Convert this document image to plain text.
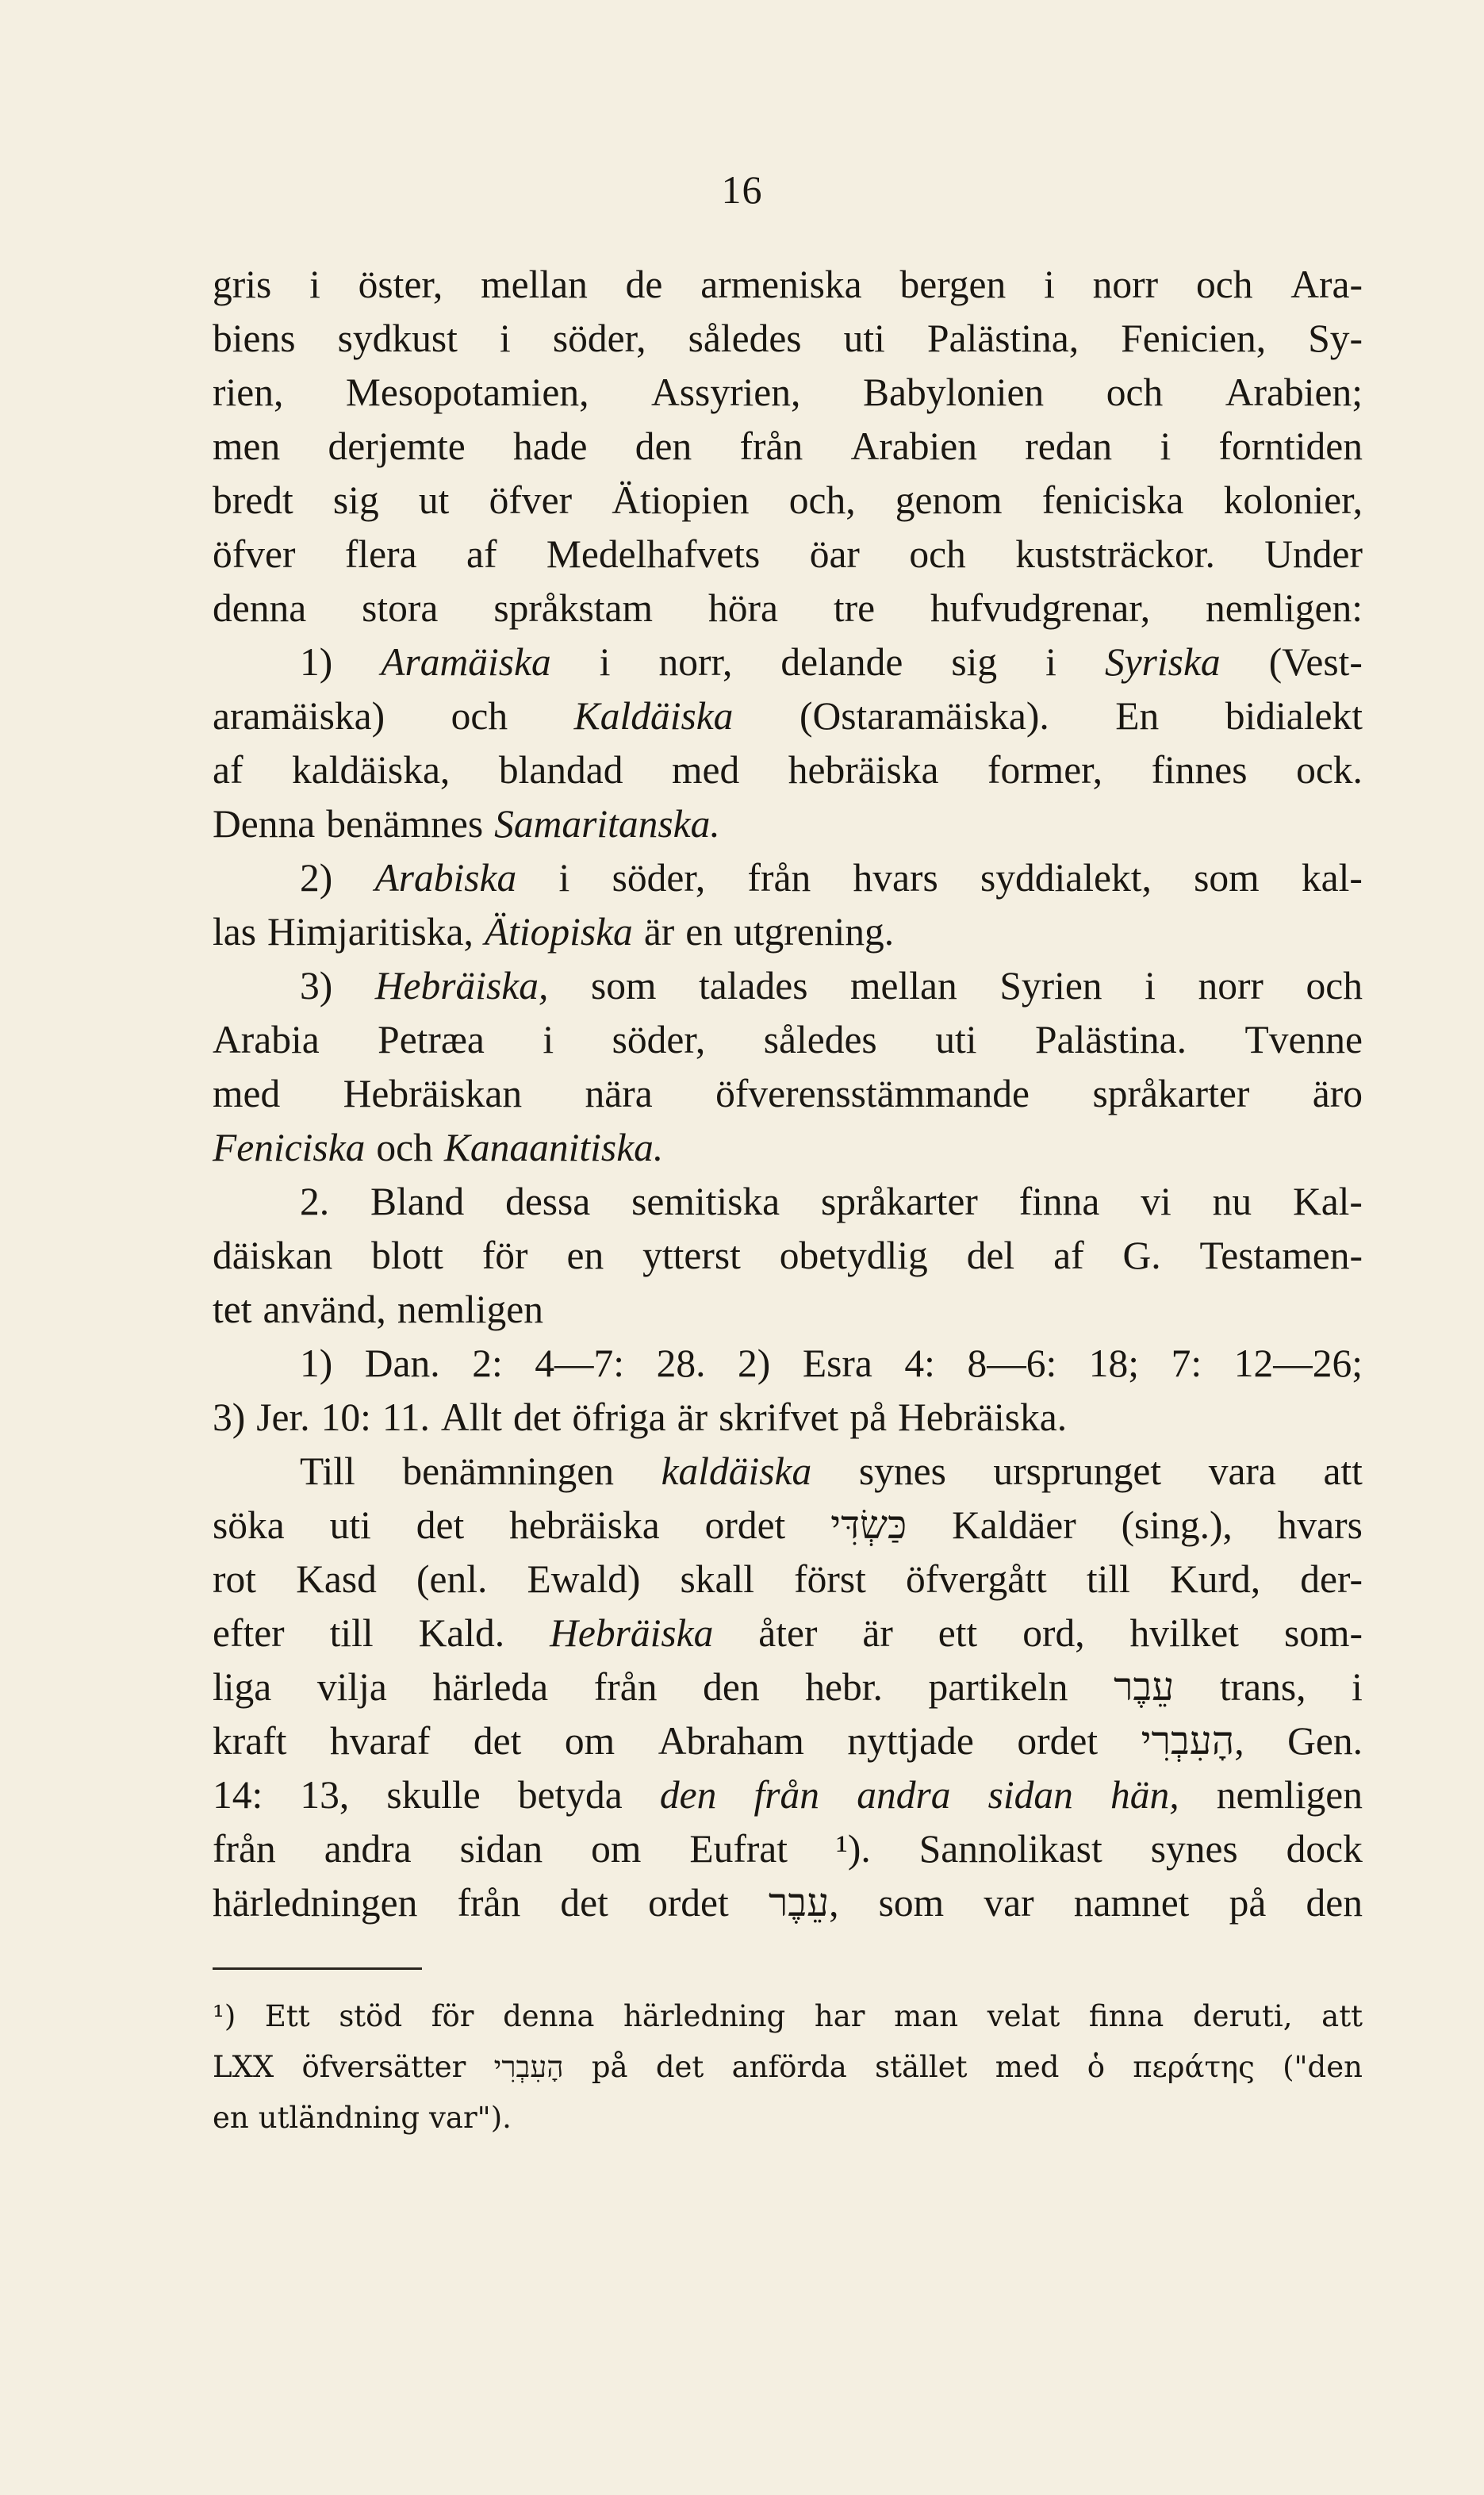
16
gris i öster, mellan de armeniska bergen i norr och Ara-
biens sydkust i söder, således uti Palästina, Fenicien, Sy-
rien, Mesopotamien, Assyrien, Babylonien och Arabien;
men derjemte hade den från Arabien redan i forntiden
bredt sig ut öfver Ätiopien och, genom feniciska kolonier,
öfver flera af Medelhafvets öar och kuststräckor. Under
denna stora språkstam höra tre hufvudgrenar, nemligen:
1) Aramäiska i norr, delande sig i Syriska (Vest-
aramäiska) och Kaldäiska (Ostaramäiska). En bidialekt
af kaldäiska, blandad med hebräiska former, finnes ock.
Denna benämnes Samaritanska.
2) Arabiska i söder, från hvars syddialekt, som kal-
las Himjaritiska, Ätiopiska är en utgrening.
3) Hebräiska, som talades mellan Syrien i norr och
Arabia Petræa i söder, således uti Palästina. Tvenne
med Hebräiskan nära öfverensstämmande språkarter äro
Feniciska och Kanaanitiska.
2. Bland dessa semitiska språkarter finna vi nu Kal-
däiskan blott för en ytterst obetydlig del af G. Testamen-
tet använd, nemligen
1) Dan. 2: 4—7: 28. 2) Esra 4: 8—6: 18; 7: 12—26;
3) Jer. 10: 11. Allt det öfriga är skrifvet på Hebräiska.
Till benämningen kaldäiska synes ursprunget vara att
söka uti det hebräiska ordet כַּשְׂדִּי Kaldäer (sing.), hvars
rot Kasd (enl. Ewald) skall först öfvergått till Kurd, der-
efter till Kald. Hebräiska åter är ett ord, hvilket som-
liga vilja härleda från den hebr. partikeln עֵבֶר trans, i
kraft hvaraf det om Abraham nyttjade ordet הָעִבְרִי, Gen.
14: 13, skulle betyda den från andra sidan hän, nemligen
från andra sidan om Eufrat ¹). Sannolikast synes dock
härledningen från det ordet עֵבֶר, som var namnet på den
¹) Ett stöd för denna härledning har man velat finna deruti, att
LXX öfversätter הָעִבְרִי på det anförda stället med ὁ περάτης ("den
en utländning var").
